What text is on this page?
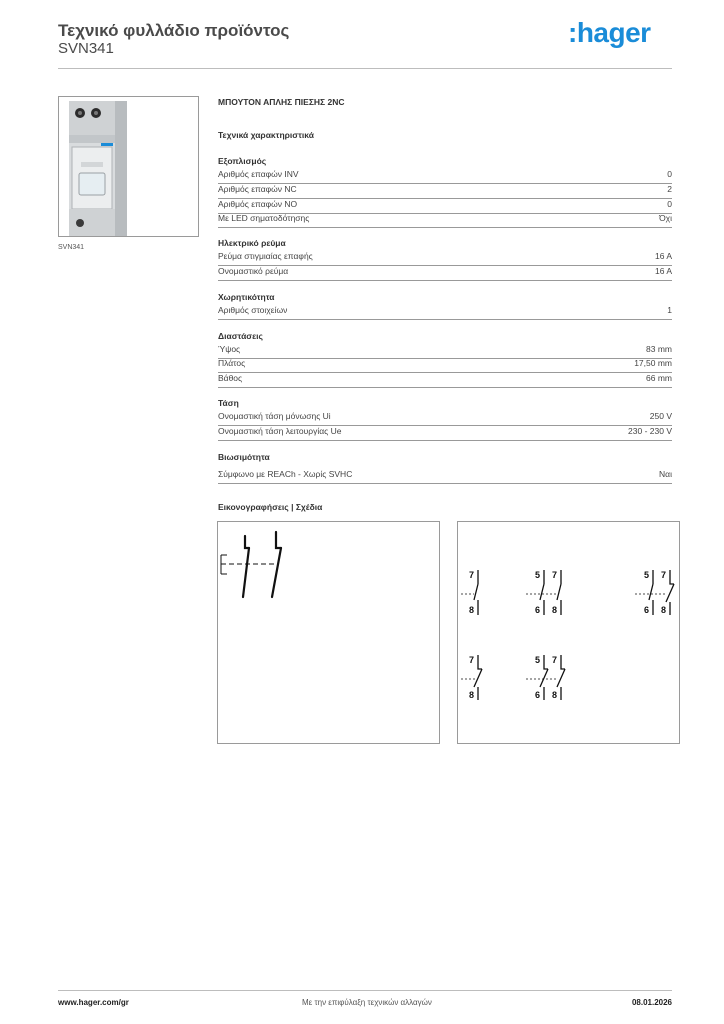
Τεχνικό φυλλάδιο προϊόντος
SVN341
:hager
SVN341
ΜΠΟΥΤΟΝ ΑΠΛΗΣ ΠΙΕΣΗΣ 2NC
Τεχνικά χαρακτηριστικά
Εξοπλισμός
Αριθμός επαφών INV	0
Αριθμός επαφών NC	2
Αριθμός επαφών NO	0
Με LED σηματοδότησης	Όχι
Ηλεκτρικό ρεύμα
Ρεύμα στιγμιαίας επαφής	16 A
Ονομαστικό ρεύμα	16 A
Χωρητικότητα
Αριθμός στοιχείων	1
Διαστάσεις
Ύψος	83 mm
Πλάτος	17,50 mm
Βάθος	66 mm
Τάση
Ονομαστική τάση μόνωσης Ui	250 V
Ονομαστική τάση λειτουργίας Ue	230 - 230 V
Βιωσιμότητα
Σύμφωνο με REACh - Χωρίς SVHC	Ναι
Εικονογραφήσεις | Σχέδια
7
8
5
6
7
8
5
6
7
8
7
8
5
6
7
8
www.hager.com/gr	Με την επιφύλαξη τεχνικών αλλαγών	08.01.2026
